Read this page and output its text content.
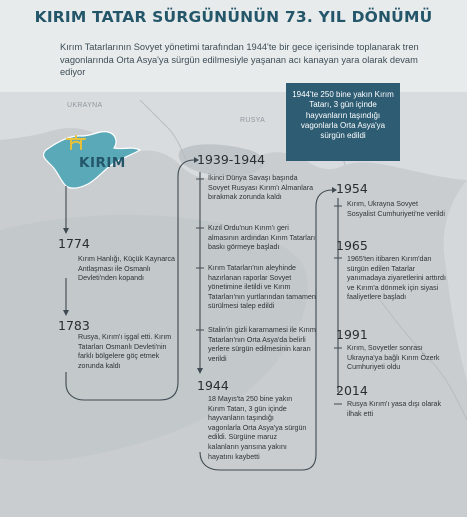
KIRIM TATAR SÜRGÜNÜNÜN 73. YIL DÖNÜMÜ
Kırım Tatarlarının Sovyet yönetimi tarafından 1944'te bir gece içerisinde toplanarak tren vagonlarında Orta Asya'ya sürgün edilmesiyle yaşanan acı kanayan yara olarak devam ediyor
UKRAYNA
RUSYA
KIRIM
1944'te 250 bine yakın Kırım Tatarı, 3 gün içinde hayvanların taşındığı vagonlarla Orta Asya'ya sürgün edildi
1774
Kırım Hanlığı, Küçük Kaynarca Antlaşması ile Osmanlı Devleti'nden kopandı
1783
Rusya, Kırım'ı işgal etti. Kırım Tatarları Osmanlı Devleti'nin farklı bölgelere göç etmek zorunda kaldı
1939-1944
İkinci Dünya Savaşı başında Sovyet Rusyası Kırım'ı Almanlara bırakmak zorunda kaldı
Kızıl Ordu'nun Kırım'ı geri almasının ardından Kırım Tatarları baskı görmeye başladı
Kırım Tatarları'nın aleyhinde hazırlanan raporlar Sovyet yönetimine iletildi ve Kırım Tatarları'nın yurtlarından tamamen sürülmesi talep edildi
Stalin'in gizli kararnamesi ile Kırım Tatarları'nın Orta Asya'da belirli yerlere sürgün edilmesinin kararı verildi
1944
18 Mayıs'ta 250 bine yakın Kırım Tatarı, 3 gün içinde hayvanların taşındığı vagonlarla Orta Asya'ya sürgün edildi. Sürgüne maruz kalanların yarısına yakını hayatını kaybetti
1954
Kırım, Ukrayna Sovyet Sosyalist Cumhuriyeti'ne verildi
1965
1965'ten itibaren Kırım'dan sürgün edilen Tatarlar yanımadaya ziyaretlerini arttırdı ve Kırım'a dönmek için siyasi faaliyetlere başladı
1991
Kırım, Sovyetler sonrası Ukrayna'ya bağlı Kırım Özerk Cumhuriyeti oldu
2014
Rusya Kırım'ı yasa dışı olarak ilhak etti
